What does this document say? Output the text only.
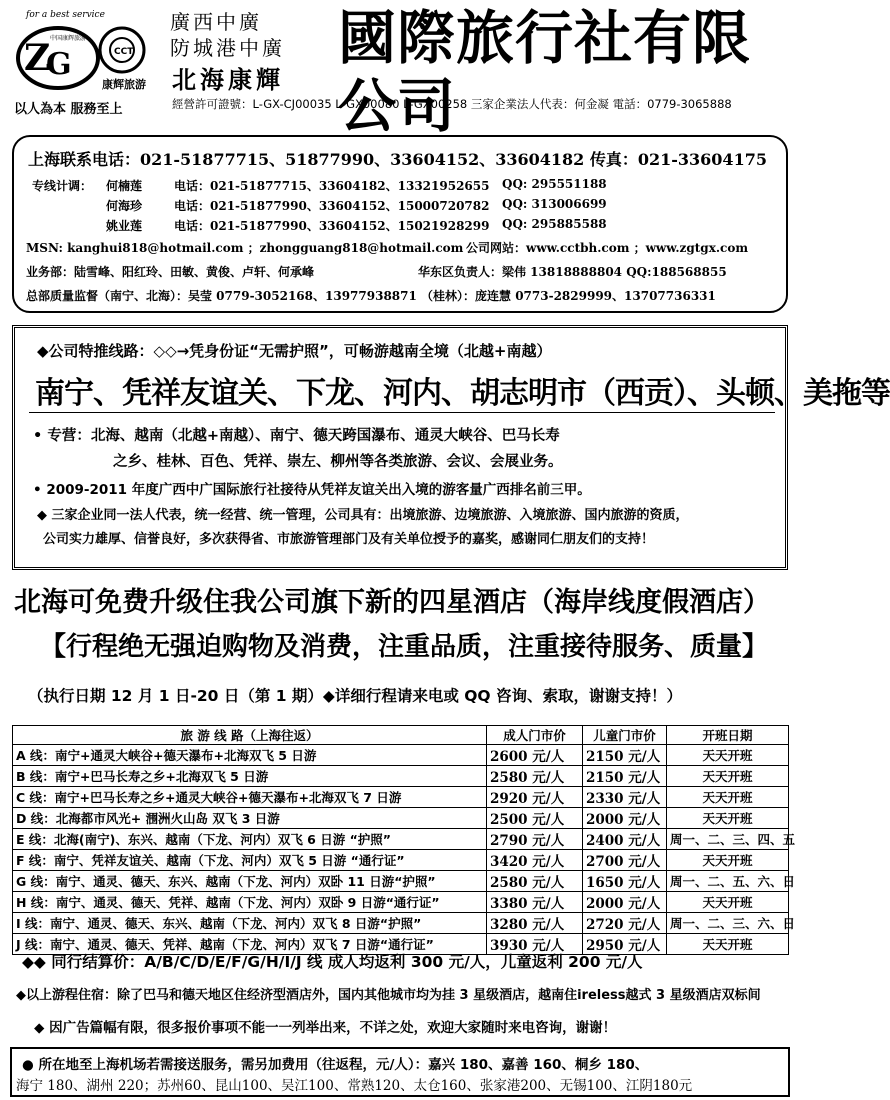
for a best service
Z
G	CCT
康辉旅游
中国康辉旅游
以人為本 服務至上
廣西中廣
防城港中廣
北海康輝
國際旅行社有限公司
經營許可證號：L-GX-CJ00035 L-GX00080 L-GX00258 三家企業法人代表：何金凝 電話：0779-3065888
上海联系电话：021-51877715、51877990、33604152、33604182 传真：021-33604175
专线计调： 何楠莲	电话：021-51877715、33604182、13321952655 QQ: 295551188
何海珍	电话：021-51877990、33604152、15000720782 QQ: 313006699
姚业莲	电话：021-51877990、33604152、15021928299 QQ: 295885588
MSN: kanghui818@hotmail.com ；zhongguang818@hotmail.com 公司网站：www.cctbh.com ；www.zgtgx.com
业务部：陆雪峰、阳红玲、田敏、黄俊、卢轩、何承峰	华东区负责人：梁伟 13818888804 QQ:188568855
总部质量监督（南宁、北海）：吴莹 0779-3052168、13977938871 （桂林）：庞连慧 0773-2829999、13707736331
◆公司特推线路：◇◇→凭身份证“无需护照”，可畅游越南全境（北越+南越）
南宁、凭祥友谊关、下龙、河内、胡志明市（西贡）、头顿、美拖等
• 专营：北海、越南（北越+南越）、南宁、德天跨国瀑布、通灵大峡谷、巴马长寿
之乡、桂林、百色、凭祥、崇左、柳州等各类旅游、会议、会展业务。
• 2009-2011 年度广西中广国际旅行社接待从凭祥友谊关出入境的游客量广西排名前三甲。
◆ 三家企业同一法人代表，统一经营、统一管理，公司具有：出境旅游、边境旅游、入境旅游、国内旅游的资质，
公司实力雄厚、信誉良好，多次获得省、市旅游管理部门及有关单位授予的嘉奖，感谢同仁朋友们的支持！
北海可免费升级住我公司旗下新的四星酒店（海岸线度假酒店）
【行程绝无强迫购物及消费，注重品质，注重接待服务、质量】
（执行日期 12 月 1 日-20 日（第 1 期）◆详细行程请来电或 QQ 咨询、索取，谢谢支持！）
旅 游 线 路（上海往返）	成人门市价	儿童门市价	开班日期
A 线：南宁+通灵大峡谷+德天瀑布+北海双飞 5 日游	2600 元/人	2150 元/人	天天开班
B 线：南宁+巴马长寿之乡+北海双飞 5 日游	2580 元/人	2150 元/人	天天开班
C 线：南宁+巴马长寿之乡+通灵大峡谷+德天瀑布+北海双飞 7 日游	2920 元/人	2330 元/人	天天开班
D 线：北海都市风光+ 涠洲火山岛 双飞 3 日游	2500 元/人	2000 元/人	天天开班
E 线：北海(南宁)、东兴、越南（下龙、河内）双飞 6 日游 “护照”	2790 元/人	2400 元/人	周一、二、三、四、五
F 线：南宁、凭祥友谊关、越南（下龙、河内）双飞 5 日游 “通行证”	3420 元/人	2700 元/人	天天开班
G 线：南宁、通灵、德天、东兴、越南（下龙、河内）双卧 11 日游“护照”	2580 元/人	1650 元/人	周一、二、五、六、日
H 线：南宁、通灵、德天、凭祥、越南（下龙、河内）双卧 9 日游“通行证”	3380 元/人	2000 元/人	天天开班
I 线：南宁、通灵、德天、东兴、越南（下龙、河内）双飞 8 日游“护照”	3280 元/人	2720 元/人	周一、二、三、六、日
J 线：南宁、通灵、德天、凭祥、越南（下龙、河内）双飞 7 日游“通行证”	3930 元/人	2950 元/人	天天开班
◆◆ 同行结算价：A/B/C/D/E/F/G/H/I/J 线 成人均返利 300 元/人，儿童返利 200 元/人
◆以上游程住宿：除了巴马和德天地区住经济型酒店外，国内其他城市均为挂 3 星级酒店，越南住ireless越式 3 星级酒店双标间
◆ 因广告篇幅有限，很多报价事项不能一一列举出来，不详之处，欢迎大家随时来电咨询，谢谢！
● 所在地至上海机场若需接送服务，需另加费用（往返程，元/人）：嘉兴 180、嘉善 160、桐乡 180、
海宁 180、湖州 220；苏州60、昆山100、吴江100、常熟120、太仓160、张家港200、无锡100、江阴180元
